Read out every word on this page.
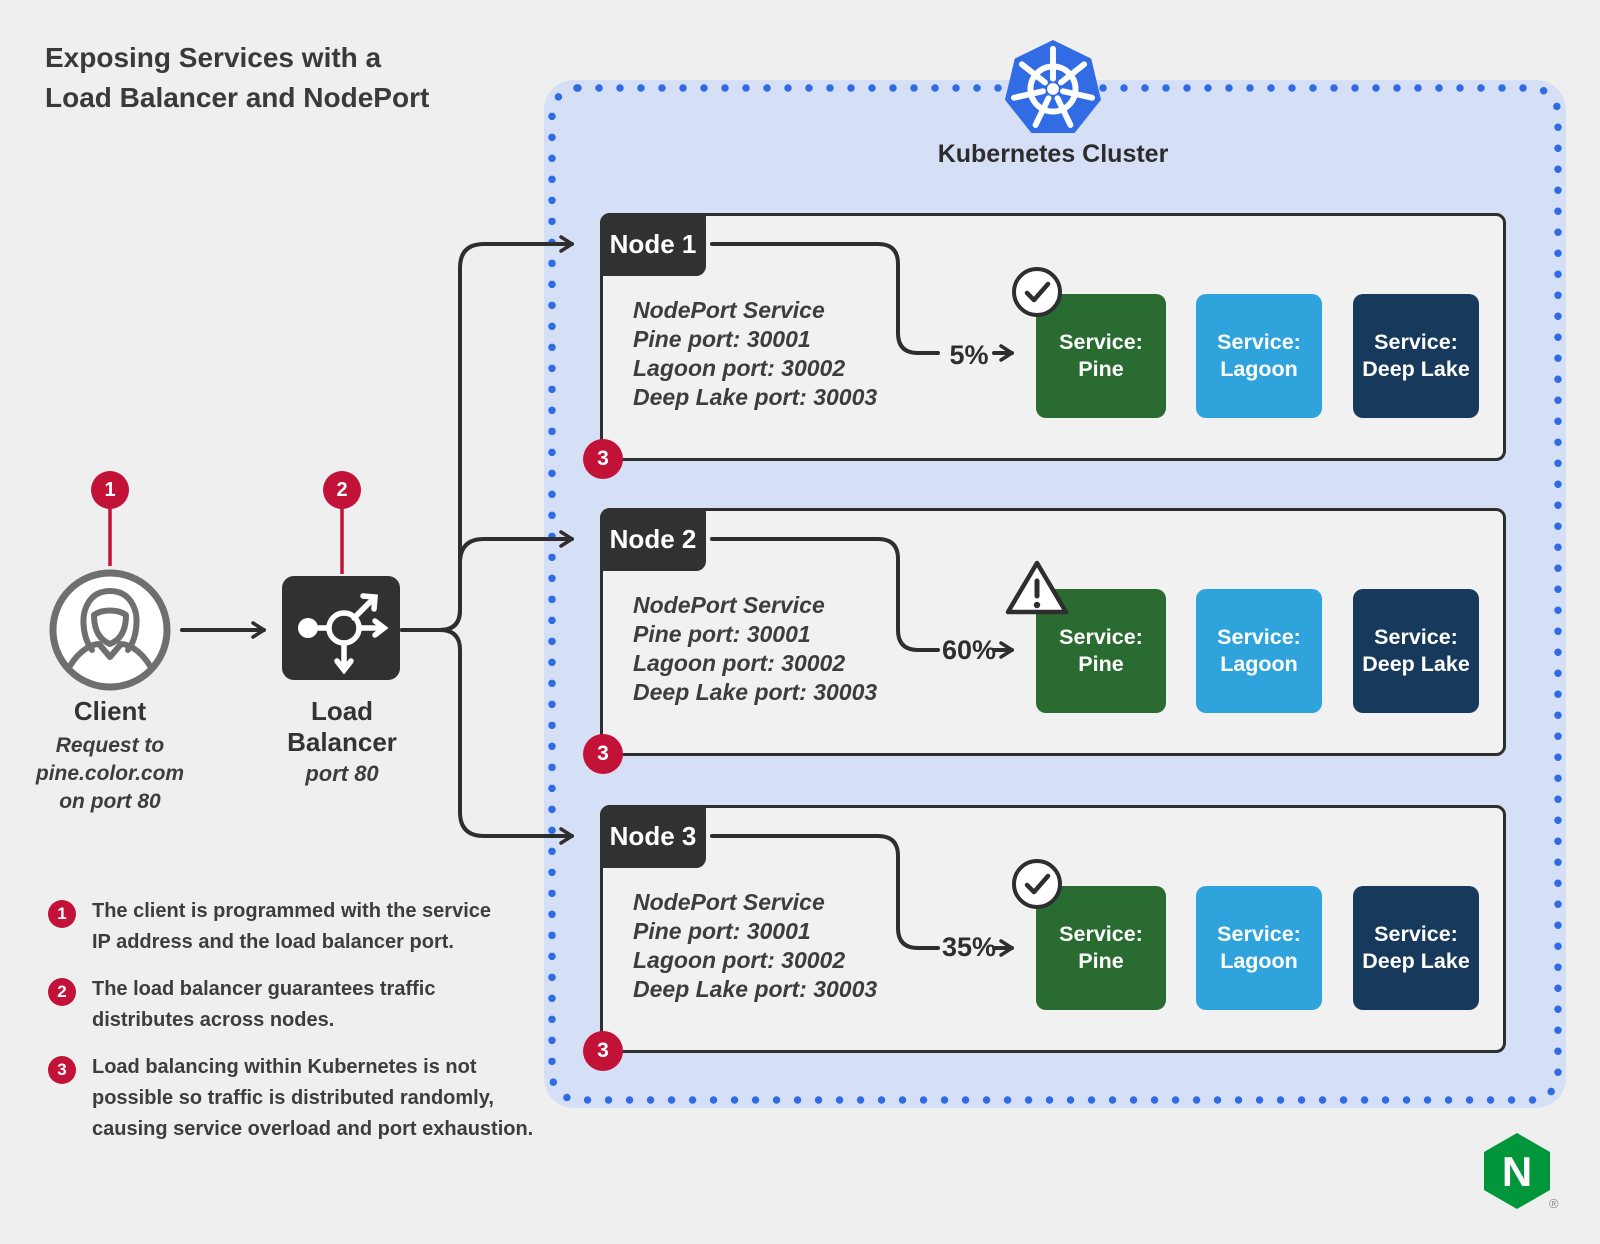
Exposing Services with a
Load Balancer and NodePort
Kubernetes Cluster
Node 1
NodePort Service
Pine port: 30001
Lagoon port: 30002
Deep Lake port: 30003
5%	Service:
Pine
Service:
Lagoon
Service:
Deep Lake
3
Node 2
NodePort Service
Pine port: 30001
Lagoon port: 30002
Deep Lake port: 30003
60%	Service:
Pine
Service:
Lagoon
Service:
Deep Lake
3
Node 3
NodePort Service
Pine port: 30001
Lagoon port: 30002
Deep Lake port: 30003
35%	Service:
Pine
Service:
Lagoon
Service:
Deep Lake
3
1
Client
Request to
pine.color.com
on port 80
2
Load
Balancer
port 80
1	The client is programmed with the service
IP address and the load balancer port.
2	The load balancer guarantees traffic
distributes across nodes.
3	Load balancing within Kubernetes is not
possible so traffic is distributed randomly,
causing service overload and port exhaustion.
N
®
